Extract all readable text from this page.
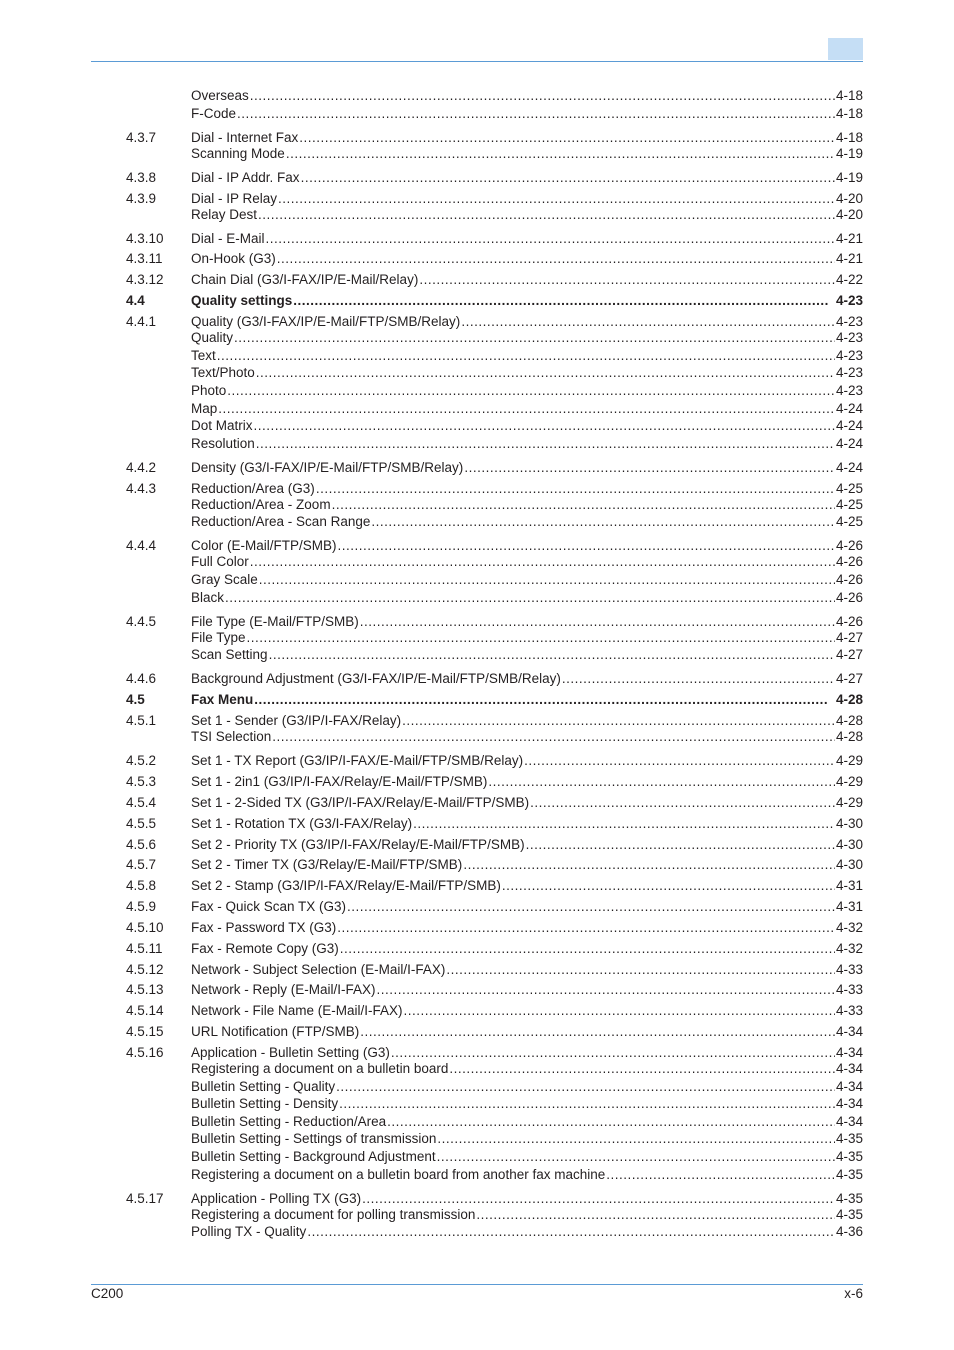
Overseas .....	4-18
F-Code .....	4-18
4.3.7	Dial - Internet Fax .....	4-18
Scanning Mode .....	4-19
4.3.8	Dial - IP Addr. Fax .....	4-19
4.3.9	Dial - IP Relay .....	4-20
Relay Dest .....	4-20
4.3.10 Dial - E-Mail .....	4-21
4.3.11 On-Hook (G3) .....	4-21
4.3.12 Chain Dial (G3/I-FAX/IP/E-Mail/Relay) .....	4-22
4.4	Quality settings .....	4-23
4.4.1	Quality (G3/I-FAX/IP/E-Mail/FTP/SMB/Relay) .....	4-23
Quality .....	4-23
Text .....	4-23
Text/Photo .....	4-23
Photo .....	4-23
Map .....	4-24
Dot Matrix .....	4-24
Resolution .....	4-24
4.4.2	Density (G3/I-FAX/IP/E-Mail/FTP/SMB/Relay) .....	4-24
4.4.3	Reduction/Area (G3) .....	4-25
Reduction/Area - Zoom .....	4-25
Reduction/Area - Scan Range .....	4-25
4.4.4	Color (E-Mail/FTP/SMB) .....	4-26
Full Color .....	4-26
Gray Scale .....	4-26
Black .....	4-26
4.4.5	File Type (E-Mail/FTP/SMB) .....	4-26
File Type .....	4-27
Scan Setting .....	4-27
4.4.6	Background Adjustment (G3/I-FAX/IP/E-Mail/FTP/SMB/Relay) .....	4-27
4.5	Fax Menu .....	4-28
4.5.1	Set 1 - Sender (G3/IP/I-FAX/Relay) .....	4-28
TSI Selection .....	4-28
4.5.2	Set 1 - TX Report (G3/IP/I-FAX/E-Mail/FTP/SMB/Relay) .....	4-29
4.5.3	Set 1 - 2in1 (G3/IP/I-FAX/Relay/E-Mail/FTP/SMB) .....	4-29
4.5.4	Set 1 - 2-Sided TX (G3/IP/I-FAX/Relay/E-Mail/FTP/SMB) .....	4-29
4.5.5	Set 1 - Rotation TX (G3/I-FAX/Relay) .....	4-30
4.5.6	Set 2 - Priority TX (G3/IP/I-FAX/Relay/E-Mail/FTP/SMB) .....	4-30
4.5.7	Set 2 - Timer TX (G3/Relay/E-Mail/FTP/SMB) .....	4-30
4.5.8	Set 2 - Stamp (G3/IP/I-FAX/Relay/E-Mail/FTP/SMB) .....	4-31
4.5.9	Fax - Quick Scan TX (G3) .....	4-31
4.5.10 Fax - Password TX (G3) .....	4-32
4.5.11 Fax - Remote Copy (G3) .....	4-32
4.5.12 Network - Subject Selection (E-Mail/I-FAX) .....	4-33
4.5.13 Network - Reply (E-Mail/I-FAX) .....	4-33
4.5.14 Network - File Name (E-Mail/I-FAX) .....	4-33
4.5.15 URL Notification (FTP/SMB) .....	4-34
4.5.16 Application - Bulletin Setting (G3) .....	4-34
Registering a document on a bulletin board .....	4-34
Bulletin Setting - Quality .....	4-34
Bulletin Setting - Density .....	4-34
Bulletin Setting - Reduction/Area .....	4-34
Bulletin Setting - Settings of transmission .....	4-35
Bulletin Setting - Background Adjustment .....	4-35
Registering a document on a bulletin board from another fax machine .....	4-35
4.5.17 Application - Polling TX (G3) .....	4-35
Registering a document for polling transmission .....	4-35
Polling TX - Quality .....	4-36
C200	x-6
